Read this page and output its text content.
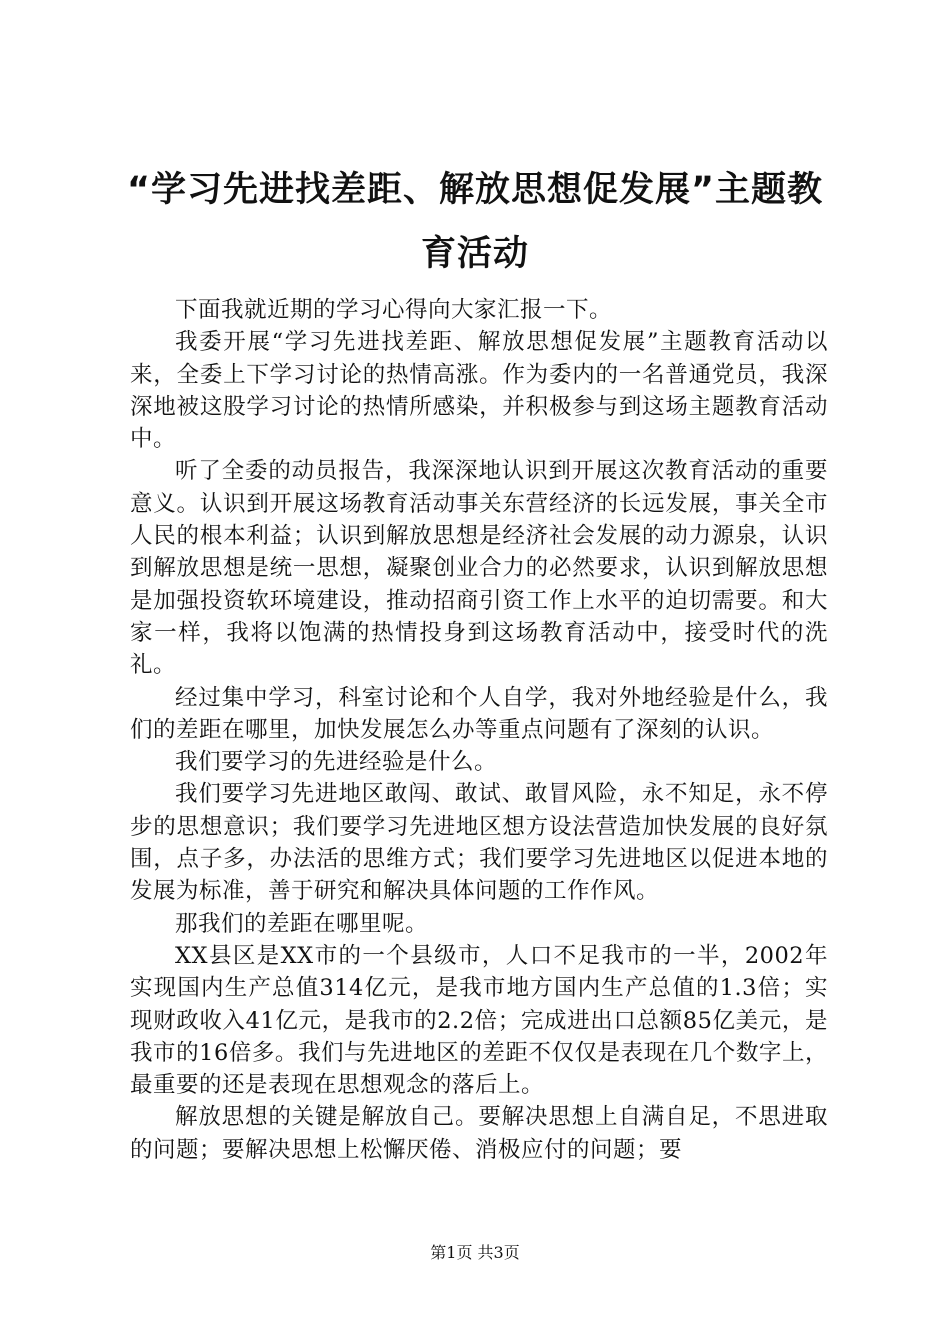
“学习先进找差距、解放思想促发展”主题教育活动

下面我就近期的学习心得向大家汇报一下。

我委开展“学习先进找差距、解放思想促发展”主题教育活动以来，全委上下学习讨论的热情高涨。作为委内的一名普通党员，我深深地被这股学习讨论的热情所感染，并积极参与到这场主题教育活动中。

听了全委的动员报告，我深深地认识到开展这次教育活动的重要意义。认识到开展这场教育活动事关东营经济的长远发展，事关全市人民的根本利益；认识到解放思想是经济社会发展的动力源泉，认识到解放思想是统一思想，凝聚创业合力的必然要求，认识到解放思想是加强投资软环境建设，推动招商引资工作上水平的迫切需要。和大家一样，我将以饱满的热情投身到这场教育活动中，接受时代的洗礼。

经过集中学习，科室讨论和个人自学，我对外地经验是什么，我们的差距在哪里，加快发展怎么办等重点问题有了深刻的认识。

我们要学习的先进经验是什么。

我们要学习先进地区敢闯、敢试、敢冒风险，永不知足，永不停步的思想意识；我们要学习先进地区想方设法营造加快发展的良好氛围，点子多，办法活的思维方式；我们要学习先进地区以促进本地的发展为标准，善于研究和解决具体问题的工作作风。

那我们的差距在哪里呢。

XX县区是XX市的一个县级市，人口不足我市的一半，2002年实现国内生产总值314亿元，是我市地方国内生产总值的1.3倍；实现财政收入41亿元，是我市的2.2倍；完成进出口总额85亿美元，是我市的16倍多。我们与先进地区的差距不仅仅是表现在几个数字上，最重要的还是表现在思想观念的落后上。

解放思想的关键是解放自己。要解决思想上自满自足，不思进取的问题；要解决思想上松懈厌倦、消极应付的问题；要

第1页 共3页
